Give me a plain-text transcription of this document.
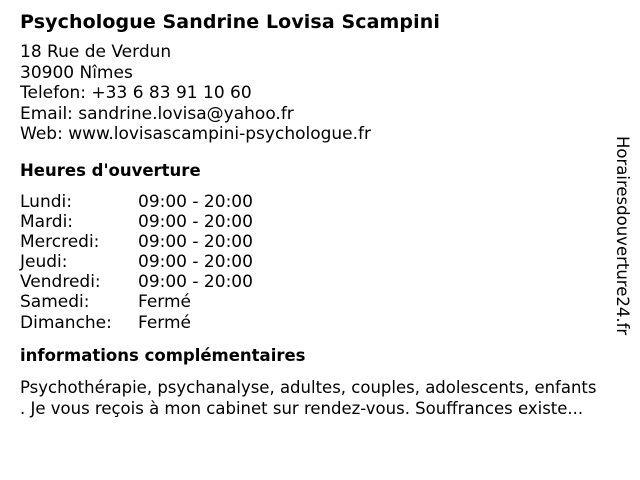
Psychologue Sandrine Lovisa Scampini
18 Rue de Verdun
30900 Nîmes
Telefon: +33 6 83 91 10 60
Email: sandrine.lovisa@yahoo.fr
Web: www.lovisascampini-psychologue.fr
Heures d'ouverture
Lundi:	09:00 - 20:00
Mardi:	09:00 - 20:00
Mercredi:	09:00 - 20:00
Jeudi:	09:00 - 20:00
Vendredi:	09:00 - 20:00
Samedi:	Fermé
Dimanche:	Fermé
informations complémentaires
Psychothérapie, psychanalyse, adultes, couples, adolescents, enfants
. Je vous reçois à mon cabinet sur rendez-vous. Souffrances existe...
Horairesdouverture24.fr
